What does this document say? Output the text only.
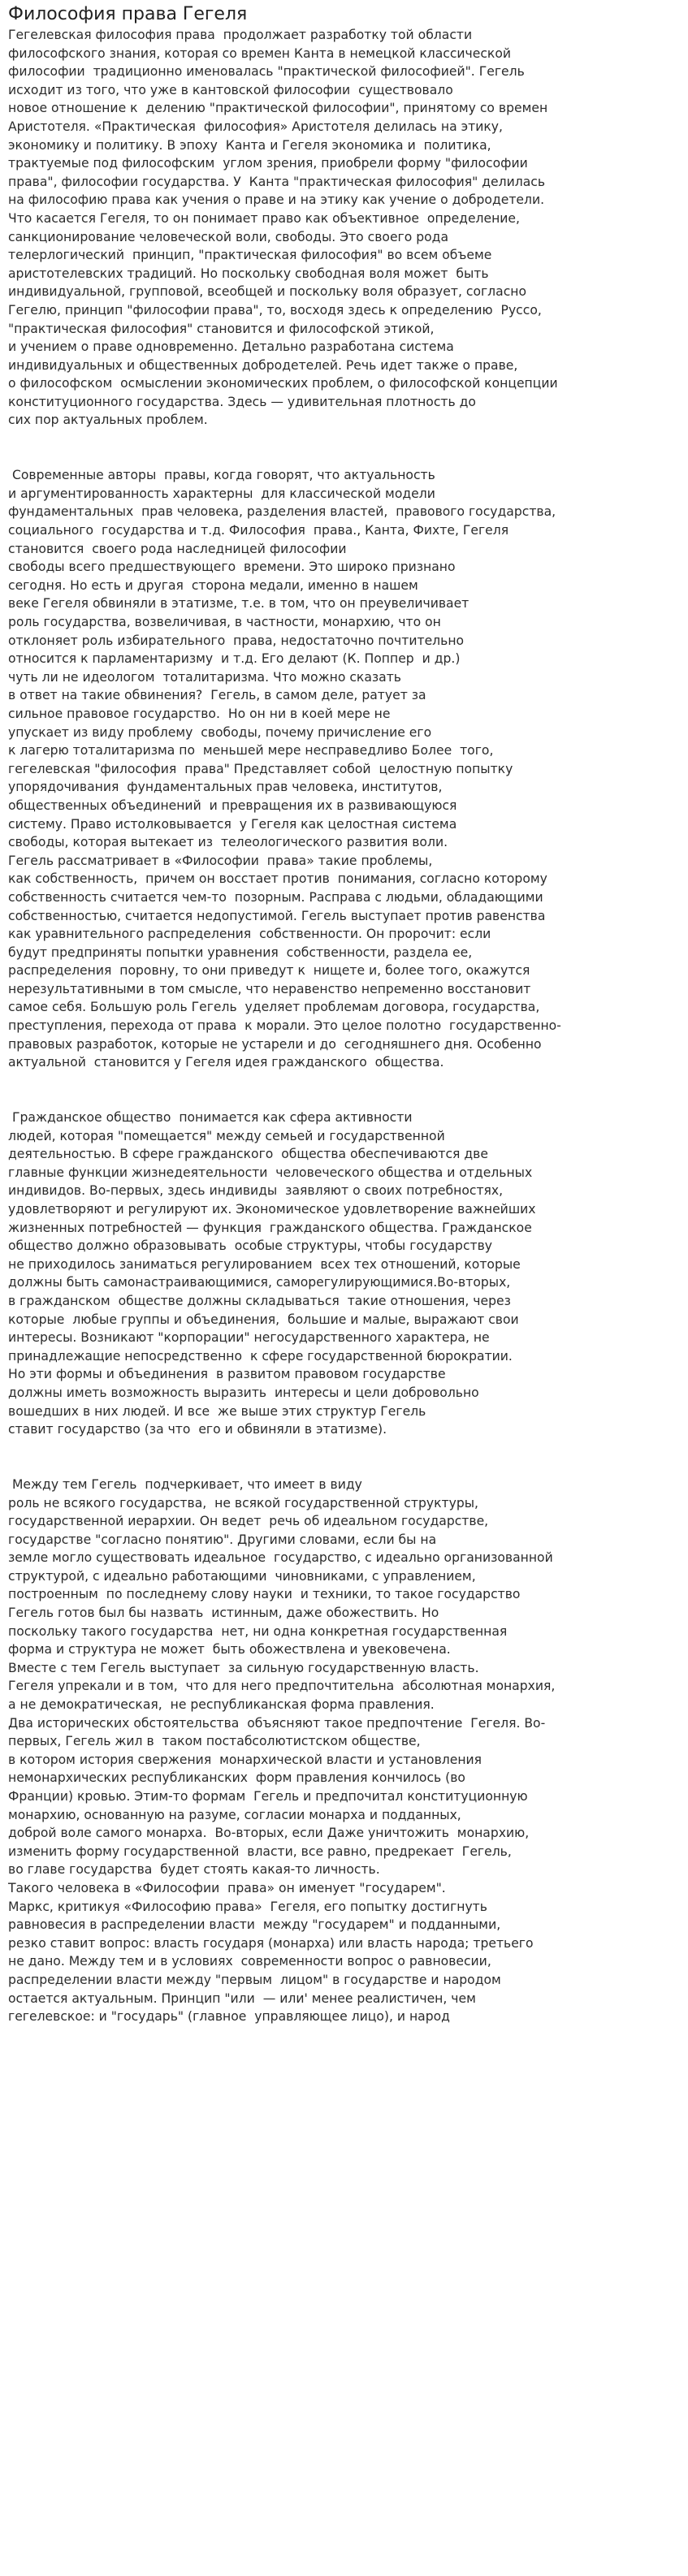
Философия права Гегеля
Гегелевская философия права  продолжает разработку той области
философского знания, которая со времен Канта в немецкой классической
философии  традиционно именовалась "практической философией". Гегель
исходит из того, что уже в кантовской философии  существовало
новое отношение к  делению "практической философии", принятому со времен
Аристотеля. «Практическая  философия» Аристотеля делилась на этику,
экономику и политику. В эпоху  Канта и Гегеля экономика и  политика,
трактуемые под философским  углом зрения, приобрели форму "философии
права", философии государства. У  Канта "практическая философия" делилась
на философию права как учения о праве и на этику как учение о добродетели.
Что касается Гегеля, то он понимает право как объективное  определение,
санкционирование человеческой воли, свободы. Это своего рода
телерлогический  принцип, "практическая философия" во всем объеме
аристотелевских традиций. Но поскольку свободная воля может  быть
индивидуальной, групповой, всеобщей и поскольку воля образует, согласно
Гегелю, принцип "философии права", то, восходя здесь к определению  Руссо,
"практическая философия" становится и философской этикой,
и учением о праве одновременно. Детально разработана система
индивидуальных и общественных добродетелей. Речь идет также о праве,
о философском  осмыслении экономических проблем, о философской концепции
конституционного государства. Здесь — удивительная плотность до
сих пор актуальных проблем.
Современные авторы  правы, когда говорят, что актуальность
и аргументированность характерны  для классической модели
фундаментальных  прав человека, разделения властей,  правового государства,
социального  государства и т.д. Философия  права., Канта, Фихте, Гегеля
становится  своего рода наследницей философии
свободы всего предшествующего  времени. Это широко признано
сегодня. Но есть и другая  сторона медали, именно в нашем
веке Гегеля обвиняли в этатизме, т.е. в том, что он преувеличивает
роль государства, возвеличивая, в частности, монархию, что он
отклоняет роль избирательного  права, недостаточно почтительно
относится к парламентаризму  и т.д. Его делают (К. Поппер  и др.)
чуть ли не идеологом  тоталитаризма. Что можно сказать
в ответ на такие обвинения?  Гегель, в самом деле, ратует за
сильное правовое государство.  Но он ни в коей мере не
упускает из виду проблему  свободы, почему причисление его
к лагерю тоталитаризма по  меньшей мере несправедливо Более  того,
гегелевская "философия  права" Представляет собой  целостную попытку
упорядочивания  фундаментальных прав человека, институтов,
общественных объединений  и превращения их в развивающуюся
систему. Право истолковывается  у Гегеля как целостная система
свободы, которая вытекает из  телеологического развития воли.
Гегель рассматривает в «Философии  права» такие проблемы,
как собственность,  причем он восстает против  понимания, согласно которому
собственность считается чем-то  позорным. Расправа с людьми, обладающими
собственностью, считается недопустимой. Гегель выступает против равенства
как уравнительного распределения  собственности. Он пророчит: если
будут предприняты попытки уравнения  собственности, раздела ее,
распределения  поровну, то они приведут к  нищете и, более того, окажутся
нерезультативными в том смысле, что неравенство непременно восстановит
самое себя. Большую роль Гегель  уделяет проблемам договора, государства,
преступления, перехода от права  к морали. Это целое полотно  государственно-
правовых разработок, которые не устарели и до  сегодняшнего дня. Особенно
актуальной  становится у Гегеля идея гражданского  общества.
Гражданское общество  понимается как сфера активности
людей, которая "помещается" между семьей и государственной
деятельностью. В сфере гражданского  общества обеспечиваются две
главные функции жизнедеятельности  человеческого общества и отдельных
индивидов. Во-первых, здесь индивиды  заявляют о своих потребностях,
удовлетворяют и регулируют их. Экономическое удовлетворение важнейших
жизненных потребностей — функция  гражданского общества. Гражданское
общество должно образовывать  особые структуры, чтобы государству
не приходилось заниматься регулированием  всех тех отношений, которые
должны быть самонастраивающимися, саморегулирующимися.Во-вторых,
в гражданском  обществе должны складываться  такие отношения, через
которые  любые группы и объединения,  большие и малые, выражают свои
интересы. Возникают "корпорации" негосударственного характера, не
принадлежащие непосредственно  к сфере государственной бюрократии.
Но эти формы и объединения  в развитом правовом государстве
должны иметь возможность выразить  интересы и цели добровольно
вошедших в них людей. И все  же выше этих структур Гегель
ставит государство (за что  его и обвиняли в этатизме).
Между тем Гегель  подчеркивает, что имеет в виду
роль не всякого государства,  не всякой государственной структуры,
государственной иерархии. Он ведет  речь об идеальном государстве,
государстве "согласно понятию". Другими словами, если бы на
земле могло существовать идеальное  государство, с идеально организованной
структурой, с идеально работающими  чиновниками, с управлением,
построенным  по последнему слову науки  и техники, то такое государство
Гегель готов был бы назвать  истинным, даже обожествить. Но
поскольку такого государства  нет, ни одна конкретная государственная
форма и структура не может  быть обожествлена и увековечена.
Вместе с тем Гегель выступает  за сильную государственную власть.
Гегеля упрекали и в том,  что для него предпочтительна  абсолютная монархия,
а не демократическая,  не республиканская форма правления.
Два исторических обстоятельства  объясняют такое предпочтение  Гегеля. Во-
первых, Гегель жил в  таком постабсолютистском обществе,
в котором история свержения  монархической власти и установления
немонархических республиканских  форм правления кончилось (во
Франции) кровью. Этим-то формам  Гегель и предпочитал конституционную
монархию, основанную на разуме, согласии монарха и подданных,
доброй воле самого монарха.  Во-вторых, если Даже уничтожить  монархию,
изменить форму государственной  власти, все равно, предрекает  Гегель,
во главе государства  будет стоять какая-то личность.
Такого человека в «Философии  права» он именует "государем".
Маркс, критикуя «Философию права»  Гегеля, его попытку достигнуть
равновесия в распределении власти  между "государем" и подданными,
резко ставит вопрос: власть государя (монарха) или власть народа; третьего
не дано. Между тем и в условиях  современности вопрос о равновесии,
распределении власти между "первым  лицом" в государстве и народом
остается актуальным. Принцип "или  — или' менее реалистичен, чем
гегелевское: и "государь" (главное  управляющее лицо), и народ
